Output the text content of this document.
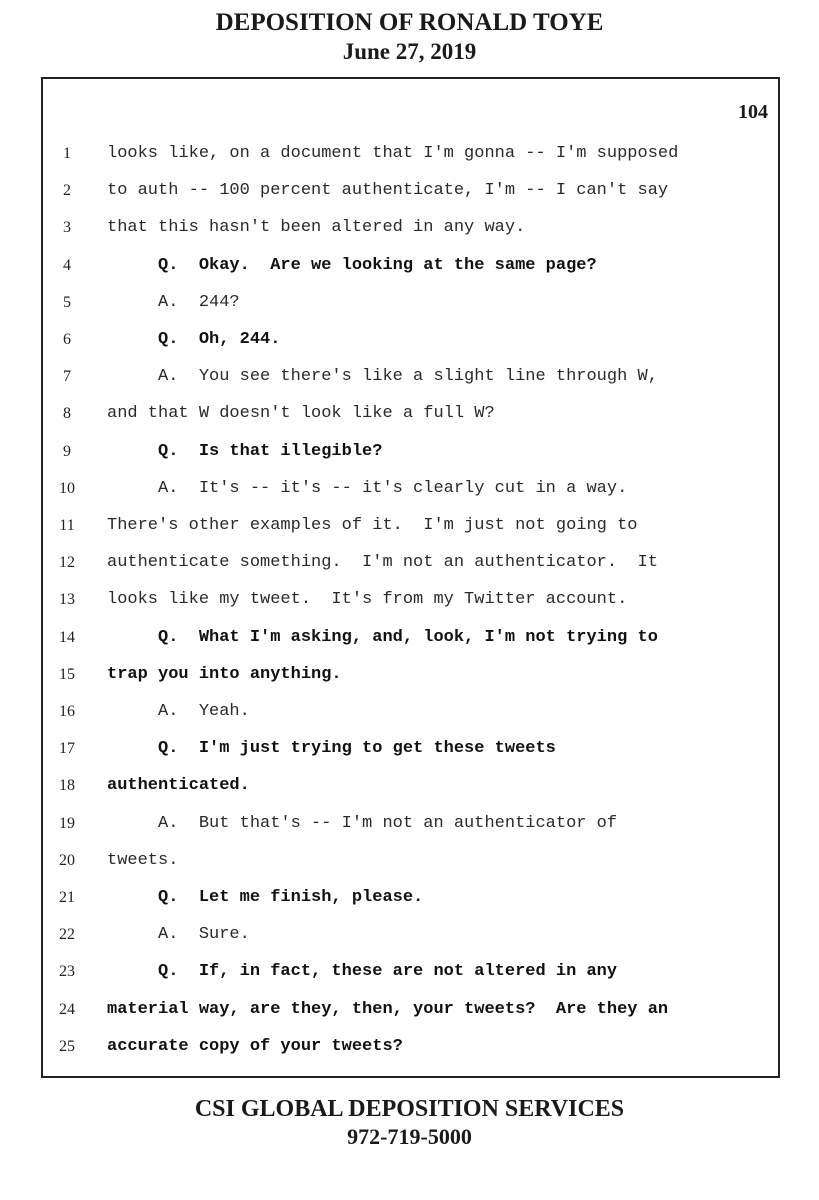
DEPOSITION OF RONALD TOYE
June 27, 2019
104
1	looks like, on a document that I'm gonna -- I'm supposed
2	to auth -- 100 percent authenticate, I'm -- I can't say
3	that this hasn't been altered in any way.
4	Q.  Okay.  Are we looking at the same page?
5	A.  244?
6	Q.  Oh, 244.
7	A.  You see there's like a slight line through W,
8	and that W doesn't look like a full W?
9	Q.  Is that illegible?
10	A.  It's -- it's -- it's clearly cut in a way.
11	There's other examples of it.  I'm just not going to
12	authenticate something.  I'm not an authenticator.  It
13	looks like my tweet.  It's from my Twitter account.
14	Q.  What I'm asking, and, look, I'm not trying to
15	trap you into anything.
16	A.  Yeah.
17	Q.  I'm just trying to get these tweets
18	authenticated.
19	A.  But that's -- I'm not an authenticator of
20	tweets.
21	Q.  Let me finish, please.
22	A.  Sure.
23	Q.  If, in fact, these are not altered in any
24	material way, are they, then, your tweets?  Are they an
25	accurate copy of your tweets?
CSI GLOBAL DEPOSITION SERVICES
972-719-5000
